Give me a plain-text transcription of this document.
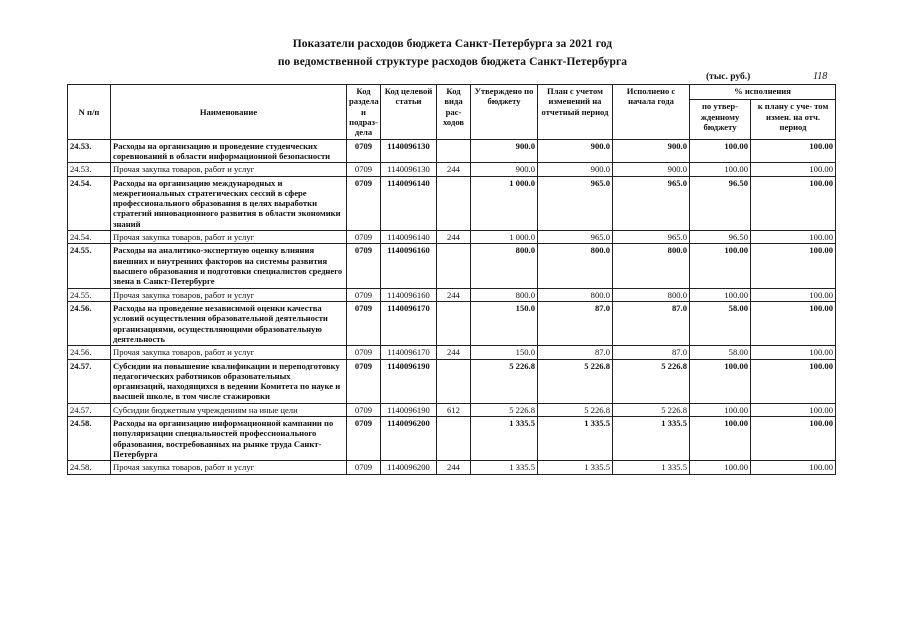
Показатели расходов бюджета Санкт-Петербурга за 2021 год
по ведомственной структуре расходов бюджета Санкт-Петербурга
(тыс. руб.)	118
N п/п	Наименование	Код раздела и подраз- дела	Код целевой статьи	Код вида рас- ходов	Утверждено по бюджету	План с учетом изменений на отчетный период	Исполнено с начала года	% исполнения	
								по утвер- жденному бюджету	к плану с уче- том измен. на отч. период
24.53.	Расходы на организацию и проведение студенческих соревнований в области информационной безопасности	0709	1140096130		900.0	900.0	900.0	100.00	100.00
24.53.	Прочая закупка товаров, работ и услуг	0709	1140096130	244	900.0	900.0	900.0	100.00	100.00
24.54.	Расходы на организацию международных и межрегиональных стратегических сессий в сфере профессионального образования в целях выработки стратегий инновационного развития в области экономики знаний	0709	1140096140		1 000.0	965.0	965.0	96.50	100.00
24.54.	Прочая закупка товаров, работ и услуг	0709	1140096140	244	1 000.0	965.0	965.0	96.50	100.00
24.55.	Расходы на аналитико-экспертную оценку влияния внешних и внутренних факторов на системы развития высшего образования и подготовки специалистов среднего звена в Санкт-Петербурге	0709	1140096160		800.0	800.0	800.0	100.00	100.00
24.55.	Прочая закупка товаров, работ и услуг	0709	1140096160	244	800.0	800.0	800.0	100.00	100.00
24.56.	Расходы на проведение независимой оценки качества условий осуществления образовательной деятельности организациями, осуществляющими образовательную деятельность	0709	1140096170		150.0	87.0	87.0	58.00	100.00
24.56.	Прочая закупка товаров, работ и услуг	0709	1140096170	244	150.0	87.0	87.0	58.00	100.00
24.57.	Субсидии на повышение квалификации и переподготовку педагогических работников образовательных организаций, находящихся в ведении Комитета по науке и высшей школе, в том числе стажировки	0709	1140096190		5 226.8	5 226.8	5 226.8	100.00	100.00
24.57.	Субсидии бюджетным учреждениям на иные цели	0709	1140096190	612	5 226.8	5 226.8	5 226.8	100.00	100.00
24.58.	Расходы на организацию информационной кампании по популяризации специальностей профессионального образования, востребованных на рынке труда Санкт-Петербурга	0709	1140096200		1 335.5	1 335.5	1 335.5	100.00	100.00
24.58.	Прочая закупка товаров, работ и услуг	0709	1140096200	244	1 335.5	1 335.5	1 335.5	100.00	100.00
